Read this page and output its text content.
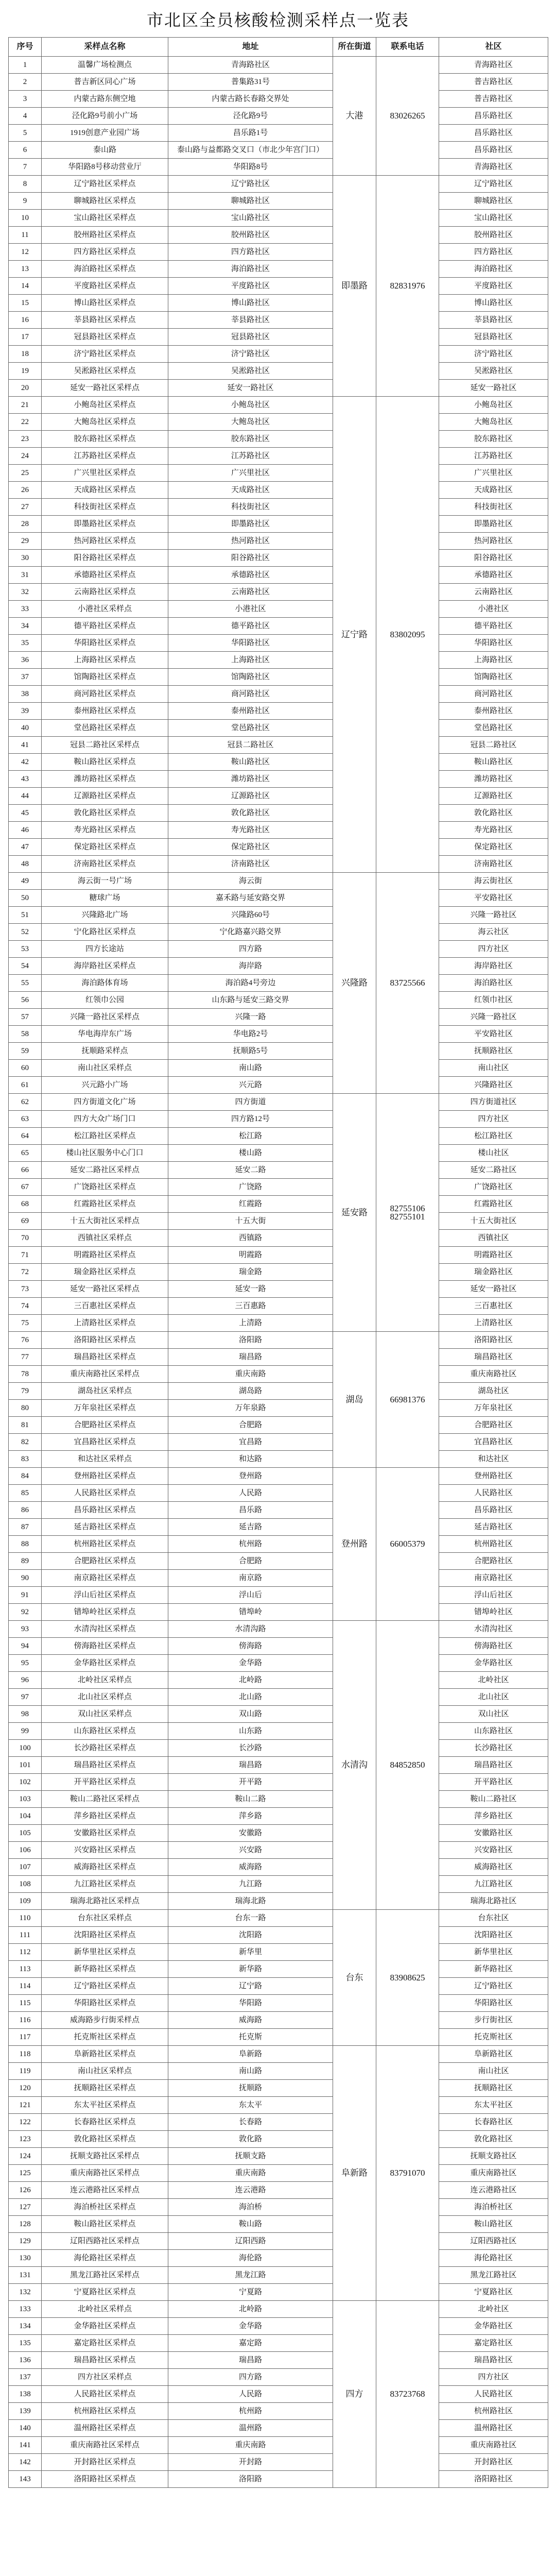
市北区全员核酸检测采样点一览表
序号	采样点名称	地址	所在街道	联系电话	社区
1	温馨广场检测点	青海路社区	大港	83026265	青海路社区
2	普吉新区同心广场	普集路31号			普吉路社区
3	内蒙古路东侧空地	内蒙古路长春路交界处			普吉路社区
4	泾化路9号前小广场	泾化路9号			昌乐路社区
5	1919创意产业园广场	昌乐路1号			昌乐路社区
6	泰山路	泰山路与益都路交叉口（市北少年宫门口）			昌乐路社区
7	华阳路8号移动营业厅	华阳路8号			青海路社区
8	辽宁路社区采样点	辽宁路社区	即墨路	82831976	辽宁路社区
9	聊城路社区采样点	聊城路社区			聊城路社区
10	宝山路社区采样点	宝山路社区			宝山路社区
11	胶州路社区采样点	胶州路社区			胶州路社区
12	四方路社区采样点	四方路社区			四方路社区
13	海泊路社区采样点	海泊路社区			海泊路社区
14	平度路社区采样点	平度路社区			平度路社区
15	博山路社区采样点	博山路社区			博山路社区
16	莘县路社区采样点	莘县路社区			莘县路社区
17	冠县路社区采样点	冠县路社区			冠县路社区
18	济宁路社区采样点	济宁路社区			济宁路社区
19	吴淞路社区采样点	吴淞路社区			吴淞路社区
20	延安一路社区采样点	延安一路社区			延安一路社区
21	小鲍岛社区采样点	小鲍岛社区	辽宁路	83802095	小鲍岛社区
22	大鲍岛社区采样点	大鲍岛社区			大鲍岛社区
23	胶东路社区采样点	胶东路社区			胶东路社区
24	江苏路社区采样点	江苏路社区			江苏路社区
25	广兴里社区采样点	广兴里社区			广兴里社区
26	天成路社区采样点	天成路社区			天成路社区
27	科技街社区采样点	科技街社区			科技街社区
28	即墨路社区采样点	即墨路社区			即墨路社区
29	热河路社区采样点	热河路社区			热河路社区
30	阳谷路社区采样点	阳谷路社区			阳谷路社区
31	承德路社区采样点	承德路社区			承德路社区
32	云南路社区采样点	云南路社区			云南路社区
33	小港社区采样点	小港社区			小港社区
34	德平路社区采样点	德平路社区			德平路社区
35	华阳路社区采样点	华阳路社区			华阳路社区
36	上海路社区采样点	上海路社区			上海路社区
37	馆陶路社区采样点	馆陶路社区			馆陶路社区
38	商河路社区采样点	商河路社区			商河路社区
39	泰州路社区采样点	泰州路社区			泰州路社区
40	堂邑路社区采样点	堂邑路社区			堂邑路社区
41	冠县二路社区采样点	冠县二路社区			冠县二路社区
42	鞍山路社区采样点	鞍山路社区			鞍山路社区
43	潍坊路社区采样点	潍坊路社区			潍坊路社区
44	辽源路社区采样点	辽源路社区			辽源路社区
45	敦化路社区采样点	敦化路社区			敦化路社区
46	寿光路社区采样点	寿光路社区			寿光路社区
47	保定路社区采样点	保定路社区			保定路社区
48	济南路社区采样点	济南路社区			济南路社区
49	海云街一号广场	海云街	兴隆路	83725566	海云街社区
50	糖球广场	嘉禾路与延安路交界			平安路社区
51	兴隆路北广场	兴隆路60号			兴隆一路社区
52	宁化路社区采样点	宁化路嘉兴路交界			海云社区
53	四方长途站	四方路			四方社区
54	海岸路社区采样点	海岸路			海岸路社区
55	海泊路体育场	海泊路4号旁边			海泊路社区
56	红领巾公园	山东路与延安三路交界			红领巾社区
57	兴隆一路社区采样点	兴隆一路			兴隆一路社区
58	华电海岸东广场	华电路2号			平安路社区
59	抚顺路采样点	抚顺路5号			抚顺路社区
60	南山社区采样点	南山路			南山社区
61	兴元路小广场	兴元路			兴隆路社区
62	四方街道文化广场	四方街道	延安路	82755106 82755101	四方街道社区
63	四方大众广场门口	四方路12号			四方社区
64	松江路社区采样点	松江路			松江路社区
65	楼山社区服务中心门口	楼山路			楼山社区
66	延安二路社区采样点	延安二路			延安二路社区
67	广饶路社区采样点	广饶路			广饶路社区
68	红霞路社区采样点	红霞路			红霞路社区
69	十五大街社区采样点	十五大街			十五大街社区
70	西镇社区采样点	西镇路			西镇社区
71	明霞路社区采样点	明霞路			明霞路社区
72	瑞金路社区采样点	瑞金路			瑞金路社区
73	延安一路社区采样点	延安一路			延安一路社区
74	三百惠社区采样点	三百惠路			三百惠社区
75	上清路社区采样点	上清路			上清路社区
76	洛阳路社区采样点	洛阳路	湖岛	66981376	洛阳路社区
77	瑞昌路社区采样点	瑞昌路			瑞昌路社区
78	重庆南路社区采样点	重庆南路			重庆南路社区
79	湖岛社区采样点	湖岛路			湖岛社区
80	万年泉社区采样点	万年泉路			万年泉社区
81	合肥路社区采样点	合肥路			合肥路社区
82	宜昌路社区采样点	宜昌路			宜昌路社区
83	和达社区采样点	和达路			和达社区
84	登州路社区采样点	登州路	登州路	66005379	登州路社区
85	人民路社区采样点	人民路			人民路社区
86	昌乐路社区采样点	昌乐路			昌乐路社区
87	延吉路社区采样点	延吉路			延吉路社区
88	杭州路社区采样点	杭州路			杭州路社区
89	合肥路社区采样点	合肥路			合肥路社区
90	南京路社区采样点	南京路			南京路社区
91	浮山后社区采样点	浮山后			浮山后社区
92	错埠岭社区采样点	错埠岭			错埠岭社区
93	水清沟社区采样点	水清沟路	水清沟	84852850	水清沟社区
94	傍海路社区采样点	傍海路			傍海路社区
95	金华路社区采样点	金华路			金华路社区
96	北岭社区采样点	北岭路			北岭社区
97	北山社区采样点	北山路			北山社区
98	双山社区采样点	双山路			双山社区
99	山东路社区采样点	山东路			山东路社区
100	长沙路社区采样点	长沙路			长沙路社区
101	瑞昌路社区采样点	瑞昌路			瑞昌路社区
102	开平路社区采样点	开平路			开平路社区
103	鞍山二路社区采样点	鞍山二路			鞍山二路社区
104	萍乡路社区采样点	萍乡路			萍乡路社区
105	安徽路社区采样点	安徽路			安徽路社区
106	兴安路社区采样点	兴安路			兴安路社区
107	威海路社区采样点	威海路			威海路社区
108	九江路社区采样点	九江路			九江路社区
109	瑞海北路社区采样点	瑞海北路			瑞海北路社区
110	台东社区采样点	台东一路	台东	83908625	台东社区
111	沈阳路社区采样点	沈阳路			沈阳路社区
112	新华里社区采样点	新华里			新华里社区
113	新华路社区采样点	新华路			新华路社区
114	辽宁路社区采样点	辽宁路			辽宁路社区
115	华阳路社区采样点	华阳路			华阳路社区
116	威海路步行街采样点	威海路			步行街社区
117	托克斯社区采样点	托克斯			托克斯社区
118	阜新路社区采样点	阜新路	阜新路	83791070	阜新路社区
119	南山社区采样点	南山路			南山社区
120	抚顺路社区采样点	抚顺路			抚顺路社区
121	东太平社区采样点	东太平			东太平社区
122	长春路社区采样点	长春路			长春路社区
123	敦化路社区采样点	敦化路			敦化路社区
124	抚顺支路社区采样点	抚顺支路			抚顺支路社区
125	重庆南路社区采样点	重庆南路			重庆南路社区
126	连云港路社区采样点	连云港路			连云港路社区
127	海泊桥社区采样点	海泊桥			海泊桥社区
128	鞍山路社区采样点	鞍山路			鞍山路社区
129	辽阳西路社区采样点	辽阳西路			辽阳西路社区
130	海伦路社区采样点	海伦路			海伦路社区
131	黑龙江路社区采样点	黑龙江路			黑龙江路社区
132	宁夏路社区采样点	宁夏路			宁夏路社区
133	北岭社区采样点	北岭路	四方	83723768	北岭社区
134	金华路社区采样点	金华路			金华路社区
135	嘉定路社区采样点	嘉定路			嘉定路社区
136	瑞昌路社区采样点	瑞昌路			瑞昌路社区
137	四方社区采样点	四方路			四方社区
138	人民路社区采样点	人民路			人民路社区
139	杭州路社区采样点	杭州路			杭州路社区
140	温州路社区采样点	温州路			温州路社区
141	重庆南路社区采样点	重庆南路			重庆南路社区
142	开封路社区采样点	开封路			开封路社区
143	洛阳路社区采样点	洛阳路			洛阳路社区
